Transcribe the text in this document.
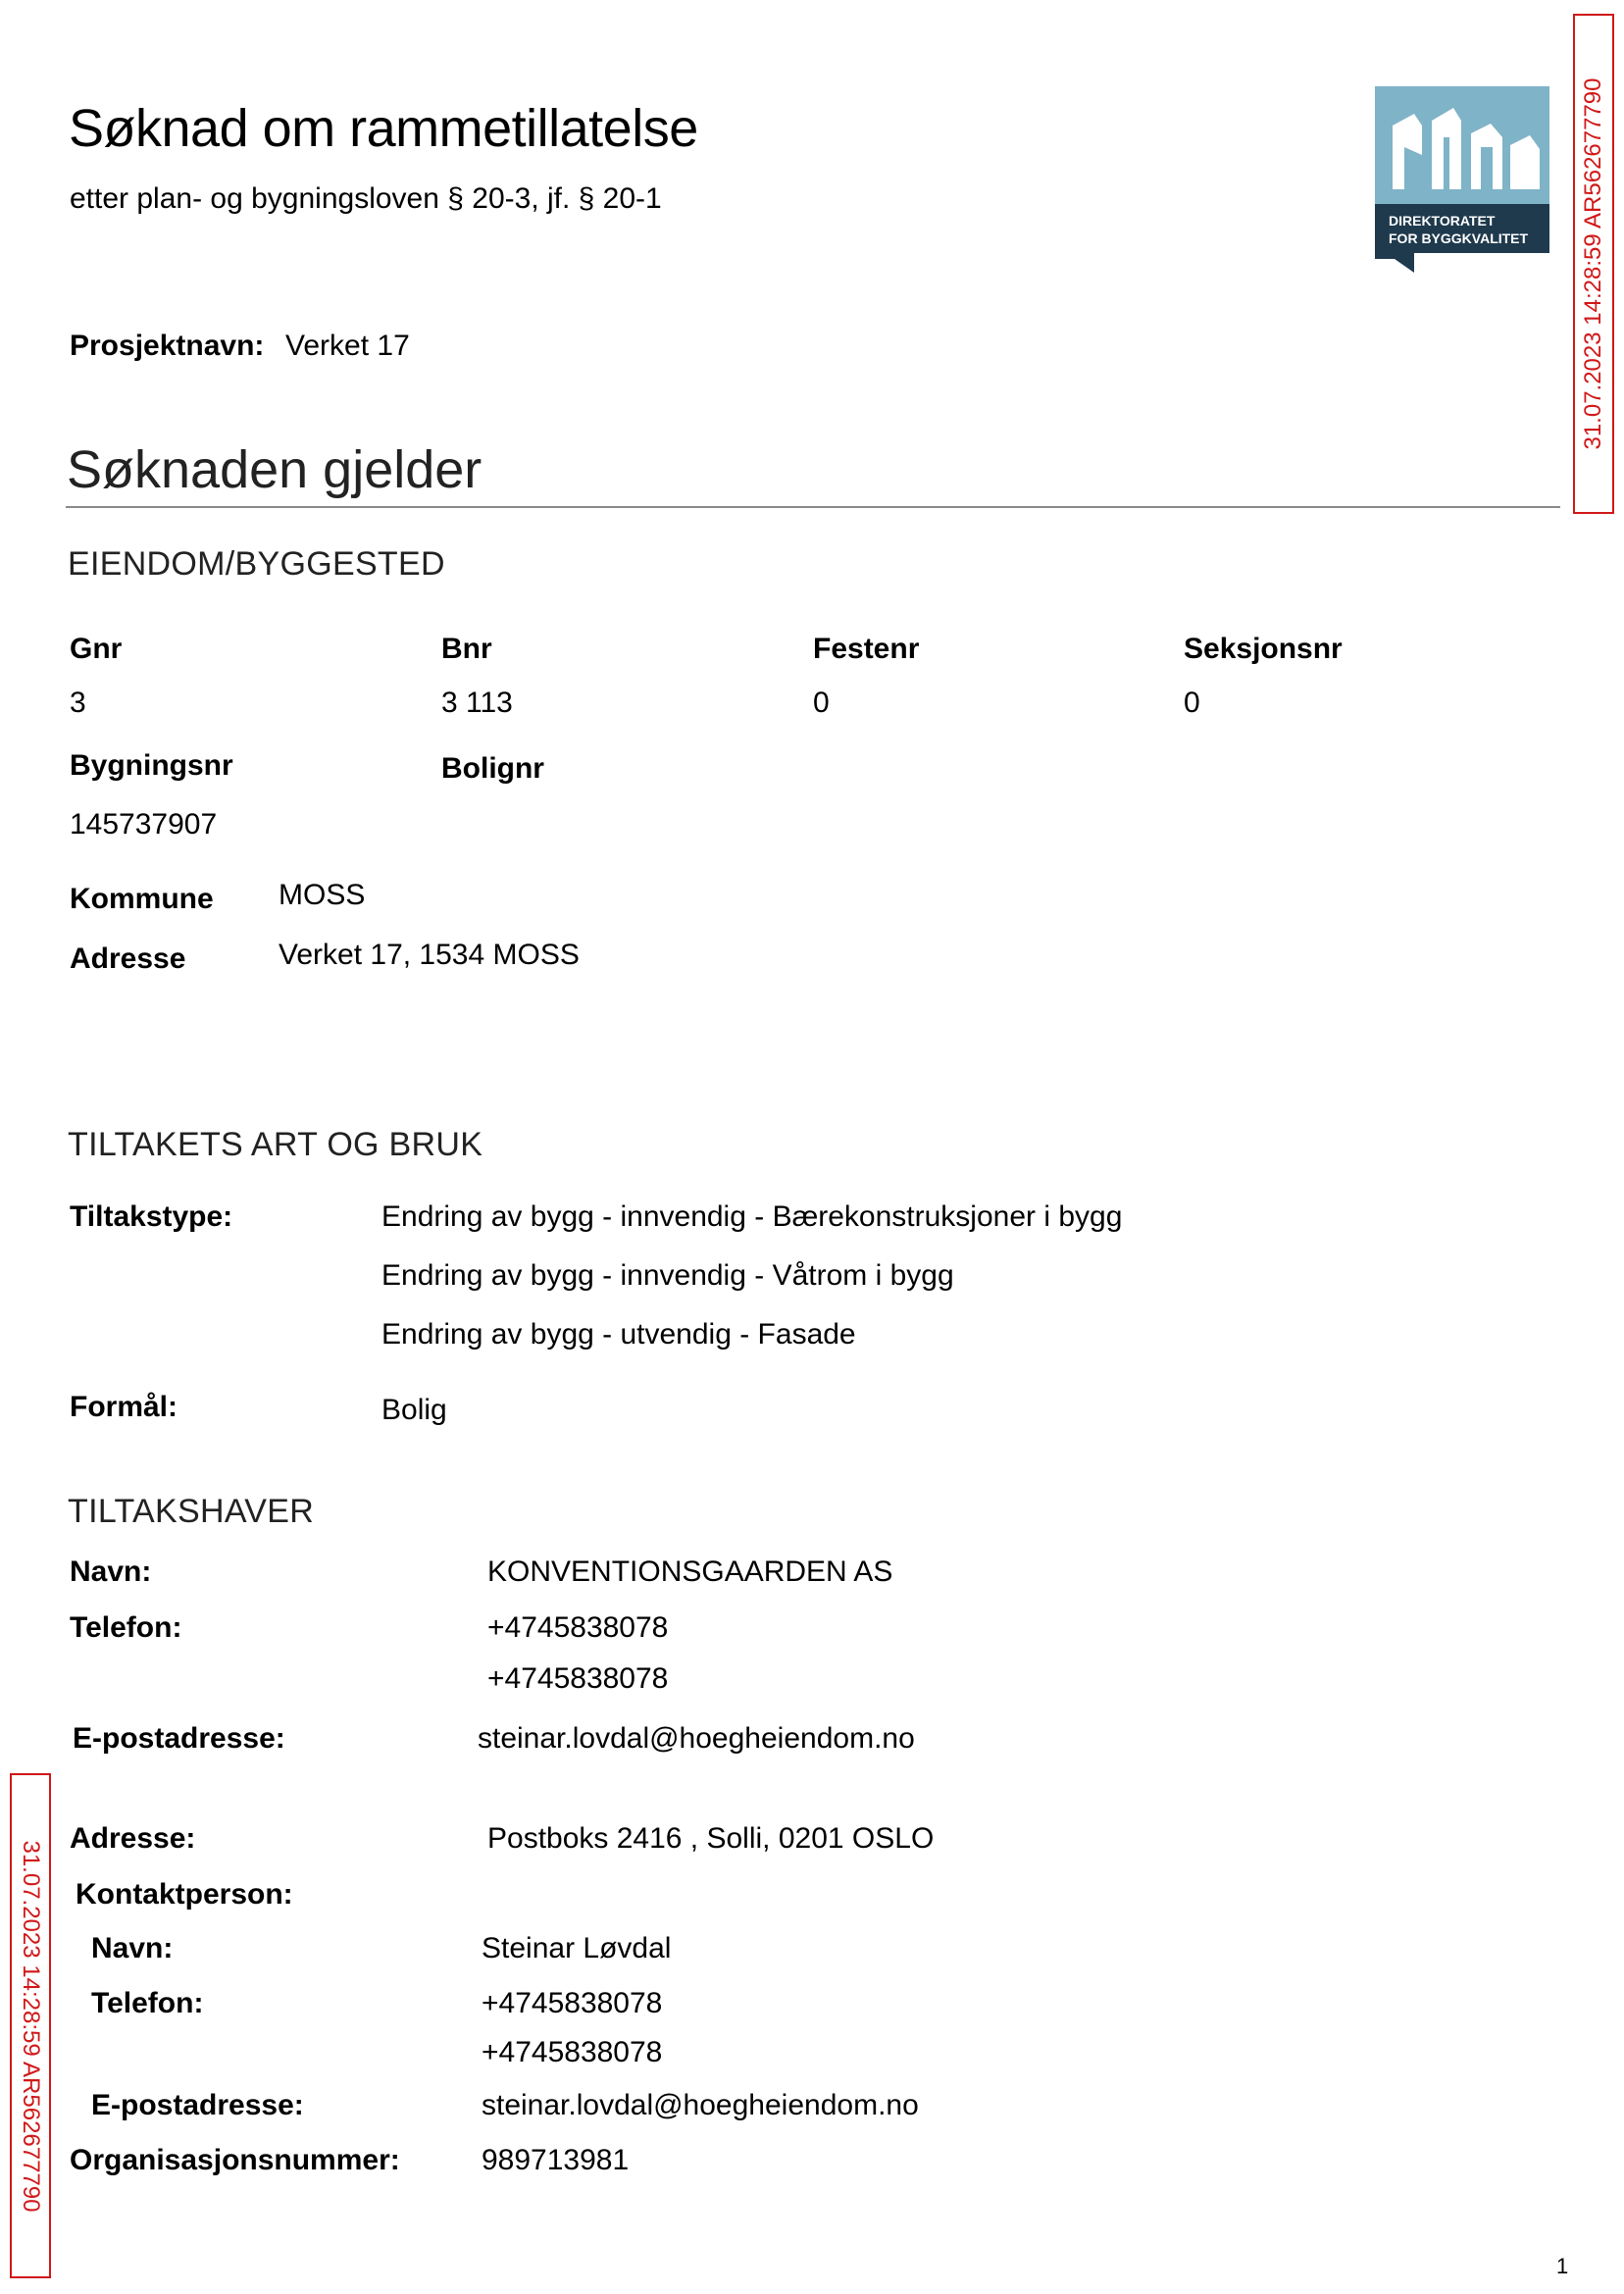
Søknad om rammetillatelse
etter plan- og bygningsloven § 20-3, jf. § 20-1
DIREKTORATET
FOR BYGGKVALITET
Prosjektnavn: Verket 17
Søknaden gjelder
EIENDOM/BYGGESTED
Gnr	Bnr	Festenr	Seksjonsnr
3	3 113	0	0
Bygningsnr	Bolignr
145737907
Kommune MOSS
Adresse	Verket 17, 1534 MOSS
TILTAKETS ART OG BRUK
Tiltakstype:	Endring av bygg - innvendig - Bærekonstruksjoner i bygg
Endring av bygg - innvendig - Våtrom i bygg
Endring av bygg - utvendig - Fasade
Formål:	Bolig
TILTAKSHAVER
Navn:	KONVENTIONSGAARDEN AS
Telefon:	+4745838078
+4745838078
E-postadresse:	steinar.lovdal@hoegheiendom.no
Adresse:	Postboks 2416 , Solli, 0201 OSLO
Kontaktperson:
Navn:	Steinar Løvdal
Telefon:	+4745838078
+4745838078
E-postadresse:	steinar.lovdal@hoegheiendom.no
Organisasjonsnummer:	989713981
31.07.2023 14:28:59 AR562677790
31.07.2023 14:28:59 AR562677790
1
